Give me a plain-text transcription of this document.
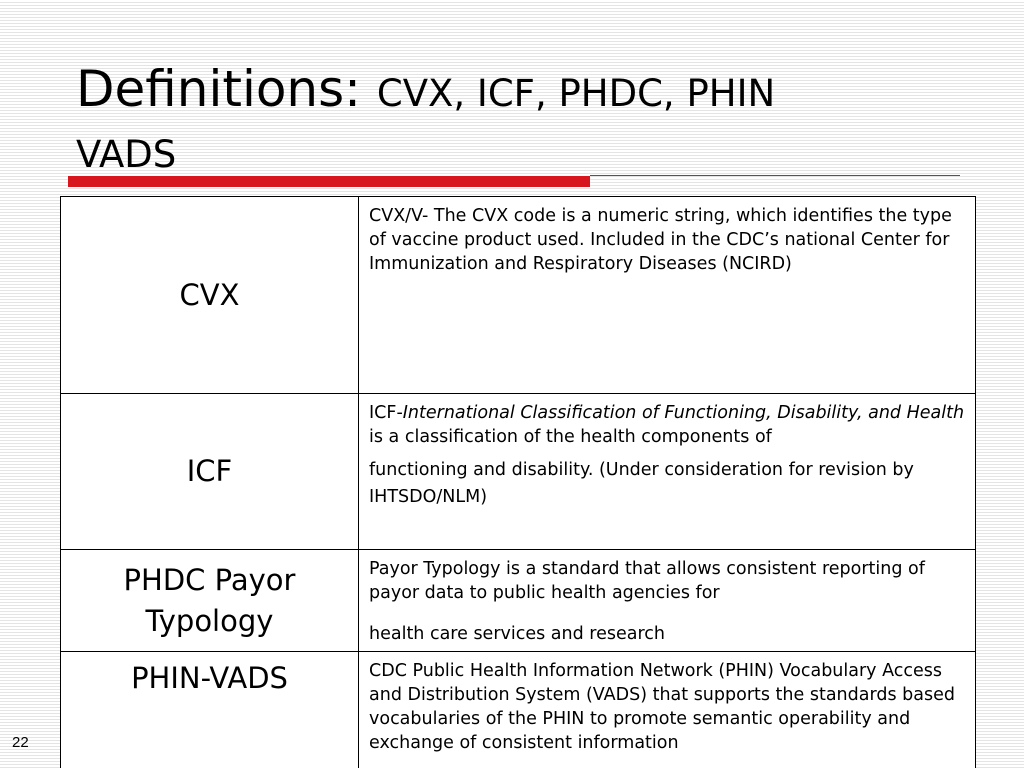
Definitions: CVX, ICF, PHDC, PHIN
VADS
CVX	CVX/V- The CVX code is a numeric string, which identifies the type of vaccine product used. Included in the CDC’s national Center for Immunization and Respiratory Diseases (NCIRD)
ICF	ICF-International Classification of Functioning, Disability, and Health is a classification of the health components of
functioning and disability. (Under consideration for revision by IHTSDO/NLM)

PHDC Payor
Typology	Payor Typology is a standard that allows consistent reporting of payor data to public health agencies for
health care services and research

PHIN-VADS	CDC Public Health Information Network (PHIN) Vocabulary Access and Distribution System (VADS) that supports the standards based vocabularies of the PHIN to promote semantic operability and exchange of consistent information
22
